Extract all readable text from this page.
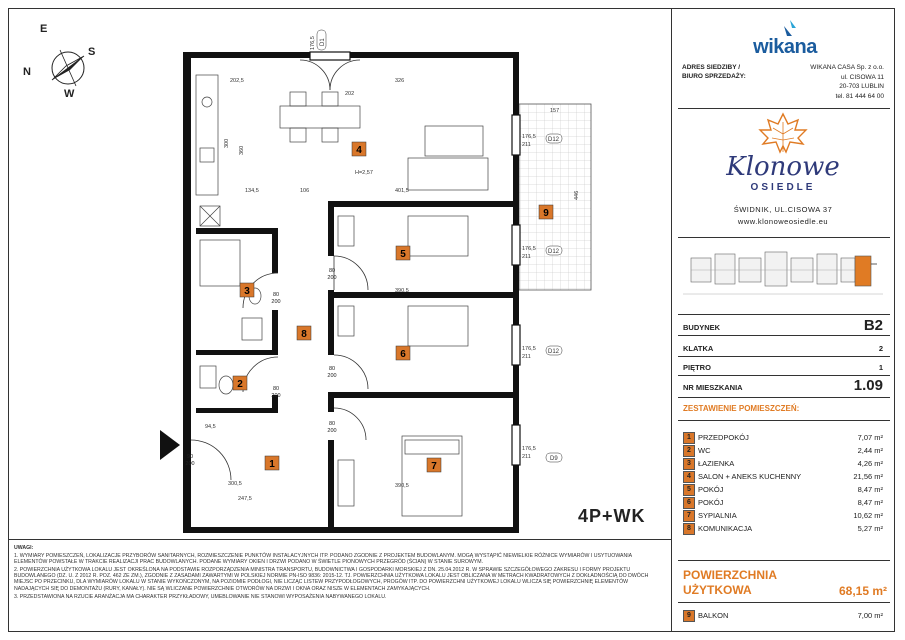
E
S
N
W
202,5	326
202
134,5	106	401,5
390,5
390,5
300,5
247,5
94,5
446
157
360
300
H=2,57
176,5
176,5
211
176,5
211
176,5
211
176,5
211
D1
D12
D12
D12
D9
80
200
80
200
80
200
80
200
80
200
90
200	1
2
3
4
5
6
7
8
9
4P+WK

UWAGI:

1. WYMIARY POMIESZCZEŃ, LOKALIZACJE PRZYBORÓW SANITARNYCH, ROZMIESZCZENIE PUNKTÓW INSTALACYJNYCH ITP. PODANO ZGODNIE Z PROJEKTEM BUDOWLANYM. MOGĄ WYSTĄPIĆ NIEWIELKIE RÓŻNICE WYMIARÓW I USYTUOWANIA ELEMENTÓW POWSTAŁE W TRAKCIE REALIZACJI PRAC BUDOWLANYCH. PODANE WYMIARY OKIEN I DRZWI PODANO W ŚWIETLE PIONOWYCH PRZEGRÓD (ŚCIAN) W STANIE SUROWYM.

2. POWIERZCHNIA UŻYTKOWA LOKALU JEST OKREŚLONA NA PODSTAWIE ROZPORZĄDZENIA MINISTRA TRANSPORTU, BUDOWNICTWA I GOSPODARKI MORSKIEJ Z DN. 25.04.2012 R. W SPRAWIE SZCZEGÓŁOWEGO ZAKRESU I FORMY PROJEKTU BUDOWLANEGO (DZ. U. Z 2012 R. POZ. 462 ZE ZM.), ZGODNIE Z ZASADAMI ZAWARTYMI W POLSKIEJ NORMIE PN-ISO 9836: 2015-12. TJ. POWIERZCHNIA UŻYTKOWA LOKALU JEST OBLICZANA W METRACH KWADRATOWYCH Z DOKŁADNOŚCIĄ DO DWÓCH MIEJSC PO PRZECINKU, DLA WYMIARÓW LOKALU W STANIE WYKOŃCZONYM, NA POZIOMIE PODŁOGI, NIE LICZĄC LISTEW PRZYPODŁOGOWYCH, PROGÓW ITP. DO POWIERZCHNI UŻYTKOWEJ LOKALU WLICZA SIĘ POWIERZCHNIĘ ELEMENTÓW NADAJĄCYCH SIĘ DO DEMONTAŻU (RURY, KANAŁY). NIE SĄ WLICZANE POWIERZCHNIE OTWORÓW NA DRZWI I OKNA ORAZ NISZE W ELEMENTACH ZAMYKAJĄCYCH.

3. PRZEDSTAWIONA NA RZUCIE ARANŻACJA MA CHARAKTER PRZYKŁADOWY, UMEBLOWANIE NIE STANOWI WYPOSAŻENIA NABYWANEGO LOKALU.

wikana
ADRES SIEDZIBY /
BIURO SPRZEDAŻY:
WIKANA CASA Sp. z o.o.
ul. CISOWA 11
20-703 LUBLIN
tel. 81 444 64 00
Klonowe
OSIEDLE
ŚWIDNIK, UL.CISOWA 37
www.klonoweosiedle.eu
BUDYNEK	B2
KLATKA	2
PIĘTRO	1
NR MIESZKANIA	1.09
ZESTAWIENIE POMIESZCZEŃ:
1 PRZEDPOKÓJ	7,07 m²
2 WC	2,44 m²
3 ŁAZIENKA	4,26 m²
4 SALON + ANEKS KUCHENNY	21,56 m²
5 POKÓJ	8,47 m²
6 POKÓJ	8,47 m²
7 SYPIALNIA	10,62 m²
8 KOMUNIKACJA	5,27 m²
POWIERZCHNIA
UŻYTKOWA	68,15 m²
9 BALKON	7,00 m²
